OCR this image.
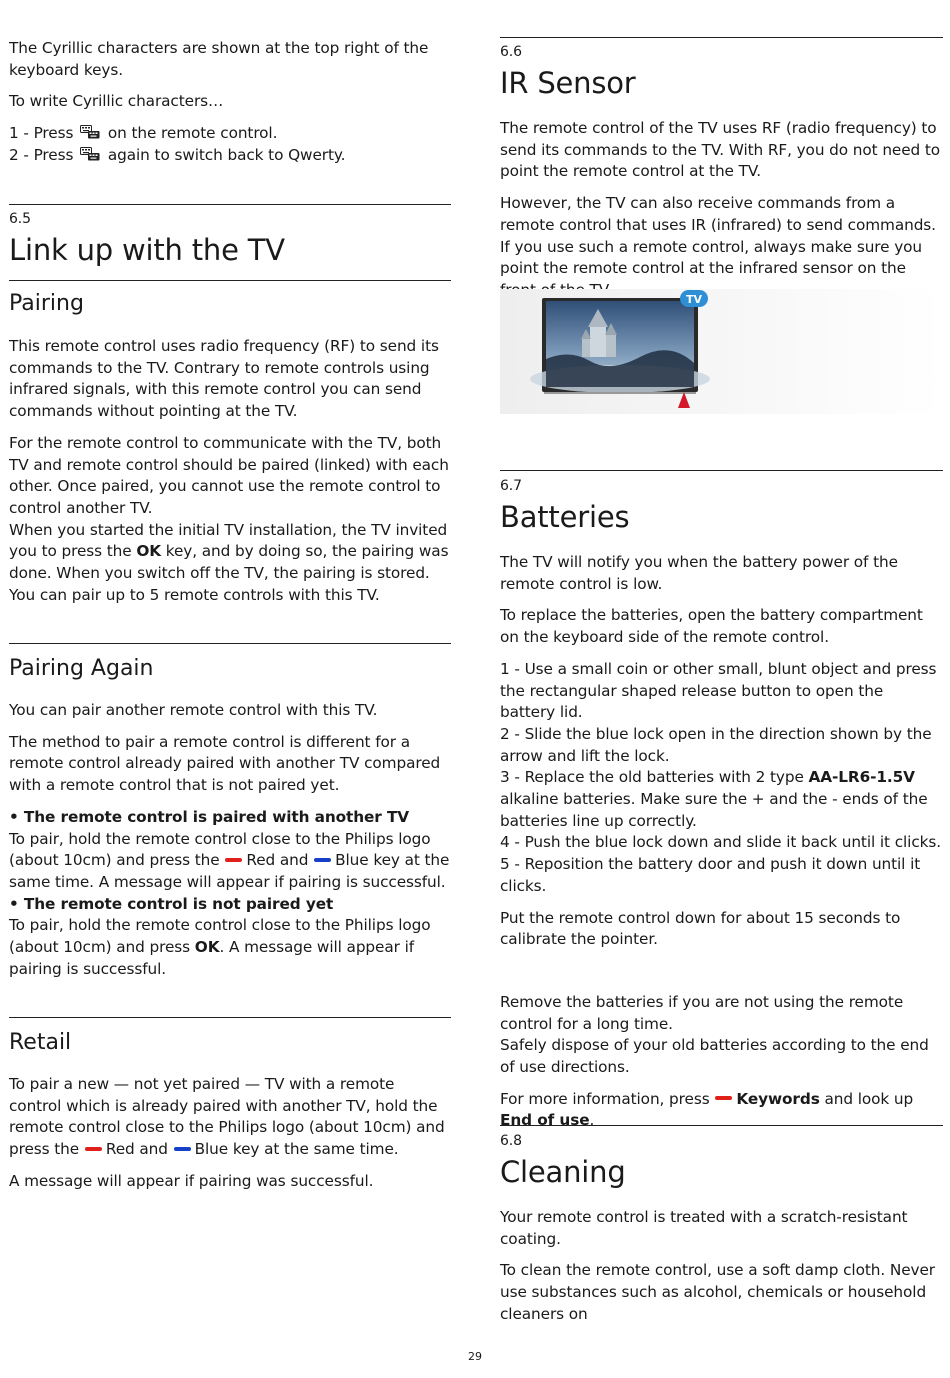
The Cyrillic characters are shown at the top right of the keyboard keys.

To write Cyrillic characters…

1 - Press on the remote control.

2 - Press again to switch back to Qwerty.

6.5

Link up with the TV
Pairing

This remote control uses radio frequency (RF) to send its commands to the TV. Contrary to remote controls using infrared signals, with this remote control you can send commands without pointing at the TV.

For the remote control to communicate with the TV, both TV and remote control should be paired (linked) with each other. Once paired, you cannot use the remote control to control another TV.

When you started the initial TV installation, the TV invited you to press the OK key, and by doing so, the pairing was done. When you switch off the TV, the pairing is stored. You can pair up to 5 remote controls with this TV.

Pairing Again

You can pair another remote control with this TV.

The method to pair a remote control is different for a remote control already paired with another TV compared with a remote control that is not paired yet.

• The remote control is paired with another TV

To pair, hold the remote control close to the Philips logo (about 10cm) and press the Red and Blue key at the same time. A message will appear if pairing is successful.

• The remote control is not paired yet

To pair, hold the remote control close to the Philips logo (about 10cm) and press OK. A message will appear if pairing is successful.

Retail

To pair a new — not yet paired — TV with a remote control which is already paired with another TV, hold the remote control close to the Philips logo (about 10cm) and press the Red and Blue key at the same time.

A message will appear if pairing was successful.

6.6

IR Sensor

The remote control of the TV uses RF (radio frequency) to send its commands to the TV. With RF, you do not need to point the remote control at the TV.

However, the TV can also receive commands from a remote control that uses IR (infrared) to send commands. If you use such a remote control, always make sure you point the remote control at the infrared sensor on the

TV

6.7

Batteries

The TV will notify you when the battery power of the remote control is low.

To replace the batteries, open the battery compartment on the keyboard side of the remote control.

1 - Use a small coin or other small, blunt object and press the rectangular shaped release button to open the battery lid.

2 - Slide the blue lock open in the direction shown by the arrow and lift the lock.

3 - Replace the old batteries with 2 type AA-LR6-1.5V alkaline batteries. Make sure the + and the - ends of the batteries line up correctly.

4 - Push the blue lock down and slide it back until it clicks.

5 - Reposition the battery door and push it down until it clicks.

Put the remote control down for about 15 seconds to calibrate the pointer.

Remove the batteries if you are not using the remote control for a long time.

Safely dispose of your old batteries according to the end of use directions.

For more information, press Keywords and look up End of use.

6.8

Cleaning

Your remote control is treated with a scratch-resistant coating.

To clean the remote control, use a soft damp cloth. Never use substances such as alcohol, chemicals or household cleaners on

29
